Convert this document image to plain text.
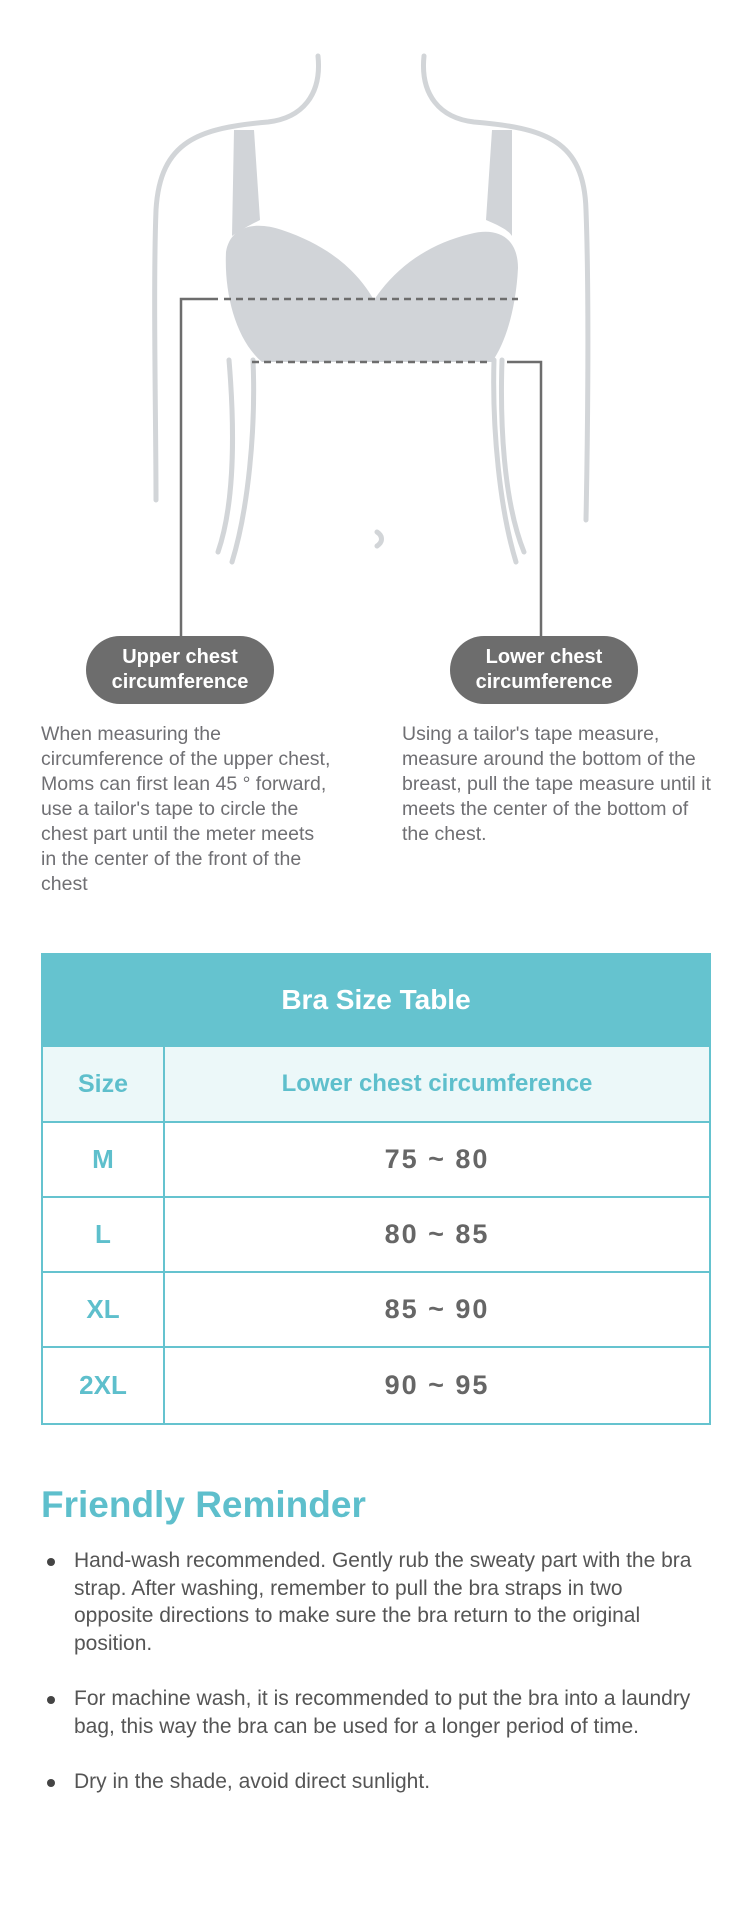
Upper chest
circumference
Lower chest
circumference

When measuring the circumference of the upper chest, Moms can first lean 45 ° forward, use a tailor's tape to circle the chest part until the meter meets in the center of the front of the chest

Using a tailor's tape measure, measure around the bottom of the breast, pull the tape measure until it meets the center of the bottom of the chest.

Bra Size Table
Size	Lower chest circumference
M	75 ~ 80
L	80 ~ 85
XL	85 ~ 90
2XL	90 ~ 95
Friendly Reminder
Hand-wash recommended. Gently rub the sweaty part with the bra strap. After washing, remember to pull the bra straps in two opposite directions to make sure the bra return to the original position.
For machine wash, it is recommended to put the bra into a laundry bag, this way the bra can be used for a longer period of time.
Dry in the shade, avoid direct sunlight.
